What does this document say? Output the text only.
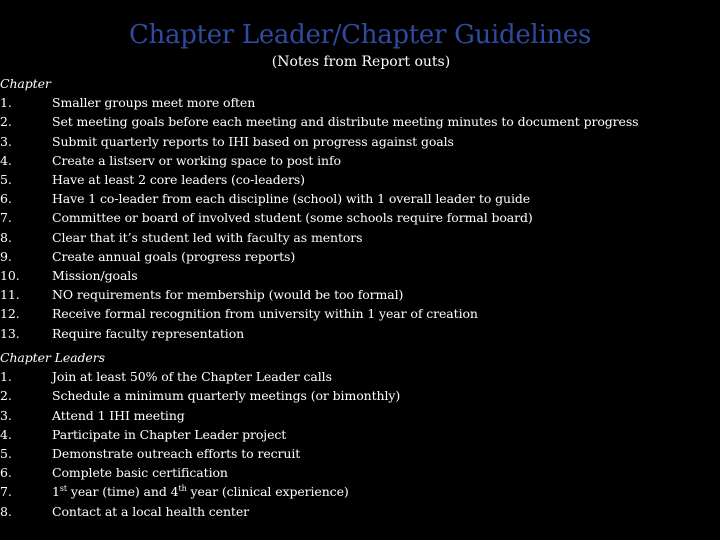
Chapter Leader/Chapter Guidelines
(Notes from Report outs)
Chapter
1.	Smaller groups meet more often
2.	Set meeting goals before each meeting and distribute meeting minutes to document progress
3.	Submit quarterly reports to IHI based on progress against goals
4.	Create a listserv or working space to post info
5.	Have at least 2 core leaders (co-leaders)
6.	Have 1 co-leader from each discipline (school) with 1 overall leader to guide
7.	Committee or board of involved student (some schools require formal board)
8.	Clear that it’s student led with faculty as mentors
9.	Create annual goals (progress reports)
10.	Mission/goals
11.	NO requirements for membership (would be too formal)
12.	Receive formal recognition from university within 1 year of creation
13.	Require faculty representation
Chapter Leaders
1.	Join at least 50% of the Chapter Leader calls
2.	Schedule a minimum quarterly meetings (or bimonthly)
3.	Attend 1 IHI meeting
4.	Participate in Chapter Leader project
5.	Demonstrate outreach efforts to recruit
6.	Complete basic certification
7.	1st year (time) and 4th year (clinical experience)
8.	Contact at a local health center
